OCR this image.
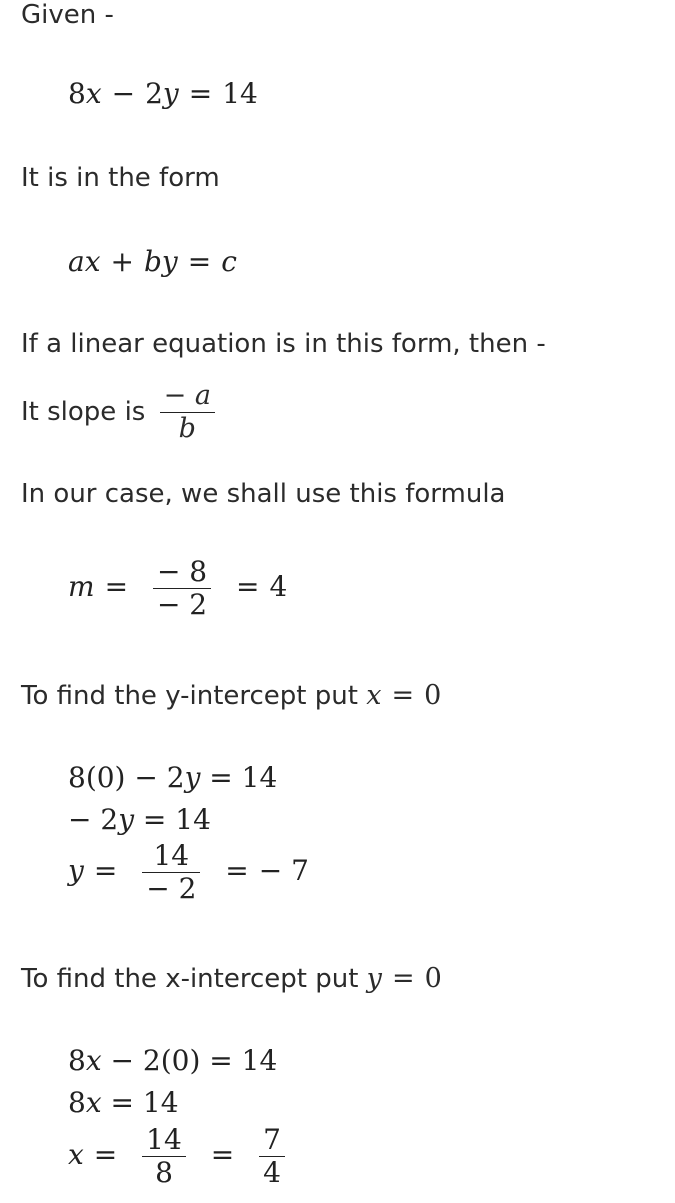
Given -
8x − 2y = 14
It is in the form
ax + by = c
If a linear equation is in this form, then -
It slope is $\frac{- a}{b}$
In our case, we shall use this formula
$m = \frac{- 8}{- 2} = 4$
To find the y-intercept put x = 0
8(0) − 2y = 14
− 2y = 14
$y = \frac{14}{- 2}$ = − 7
To find the x-intercept put y = 0
8x − 2(0) = 14
8x = 14
$x = \frac{14}{8} = \frac{7}{4}$
